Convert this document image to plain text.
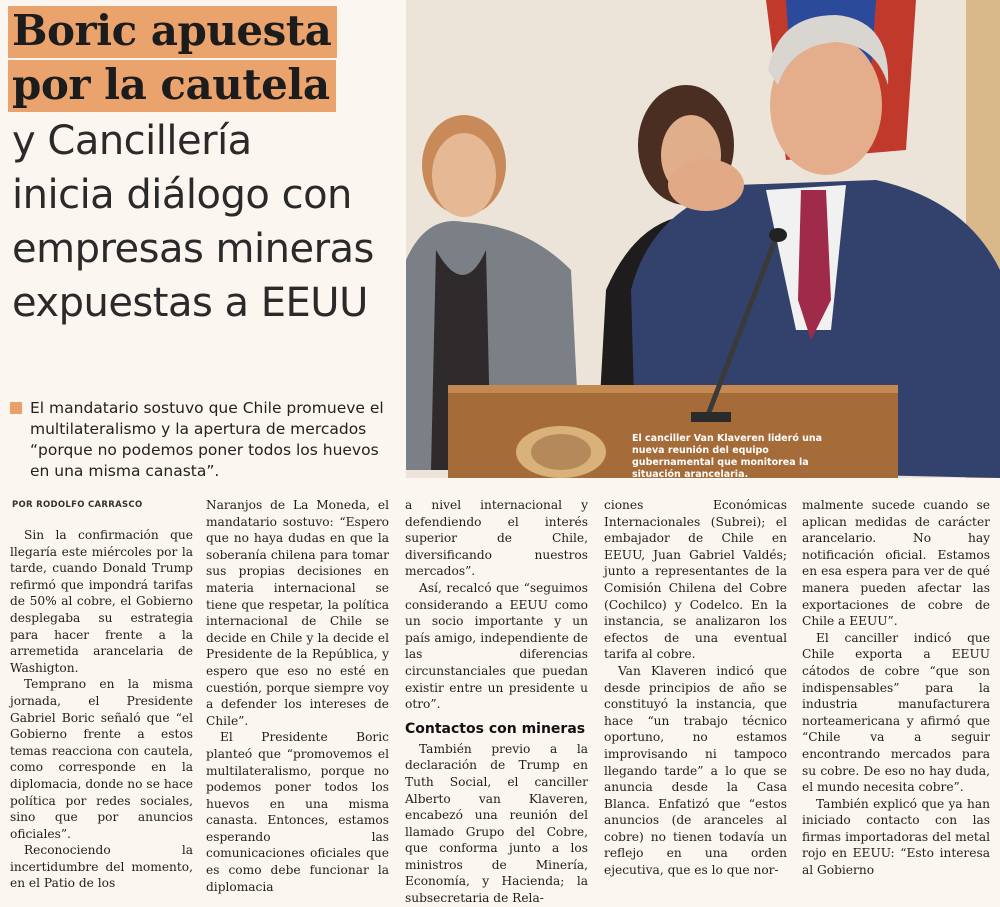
Boric apuesta
por la cautela
y Cancillería
inicia diálogo con
empresas mineras
expuestas a EEUU
El canciller Van Klaveren lideró una nueva reunión del equipo gubernamental que monitorea la situación arancelaria.
El mandatario sostuvo que Chile promueve el multilateralismo y la apertura de mercados “porque no podemos poner todos los huevos en una misma canasta”.
POR RODOLFO CARRASCO

Sin la confirmación que llegaría este miércoles por la tarde, cuando Donald Trump refirmó que impondrá tarifas de 50% al cobre, el Gobierno desplegaba su estrategia para hacer frente a la arremetida arancelaria de Washigton.

Temprano en la misma jornada, el Presidente Gabriel Boric señaló que “el Gobierno frente a estos temas reacciona con cautela, como corresponde en la diplomacia, donde no se hace política por redes sociales, sino que por anuncios oficiales”.

Reconociendo la incertidumbre del momento, en el Patio de los

Naranjos de La Moneda, el mandatario sostuvo: “Espero que no haya dudas en que la soberanía chilena para tomar sus propias decisiones en materia internacional se tiene que respetar, la política internacional de Chile se decide en Chile y la decide el Presidente de la República, y espero que eso no esté en cuestión, porque siempre voy a defender los intereses de Chile”.

El Presidente Boric planteó que “promovemos el multilateralismo, porque no podemos poner todos los huevos en una misma canasta. Entonces, estamos esperando las comunicaciones oficiales que es como debe funcionar la diplomacia

a nivel internacional y defendiendo el interés superior de Chile, diversificando nuestros mercados”.

Así, recalcó que “seguimos considerando a EEUU como un socio importante y un país amigo, independiente de las diferencias circunstanciales que puedan existir entre un presidente u otro”.

Contactos con mineras

También previo a la declaración de Trump en Tuth Social, el canciller Alberto van Klaveren, encabezó una reunión del llamado Grupo del Cobre, que conforma junto a los ministros de Minería, Economía, y Hacienda; la subsecretaria de Rela-

ciones Económicas Internacionales (Subrei); el embajador de Chile en EEUU, Juan Gabriel Valdés; junto a representantes de la Comisión Chilena del Cobre (Cochilco) y Codelco. En la instancia, se analizaron los efectos de una eventual tarifa al cobre.

Van Klaveren indicó que desde principios de año se constituyó la instancia, que hace “un trabajo técnico oportuno, no estamos improvisando ni tampoco llegando tarde” a lo que se anuncia desde la Casa Blanca. Enfatizó que “estos anuncios (de aranceles al cobre) no tienen todavía un reflejo en una orden ejecutiva, que es lo que nor-

malmente sucede cuando se aplican medidas de carácter arancelario. No hay notificación oficial. Estamos en esa espera para ver de qué manera pueden afectar las exportaciones de cobre de Chile a EEUU”.

El canciller indicó que Chile exporta a EEUU cátodos de cobre “que son indispensables” para la industria manufacturera norteamericana y afirmó que “Chile va a seguir encontrando mercados para su cobre. De eso no hay duda, el mundo necesita cobre”.

También explicó que ya han iniciado contacto con las firmas importadoras del metal rojo en EEUU: “Esto interesa al Gobierno
